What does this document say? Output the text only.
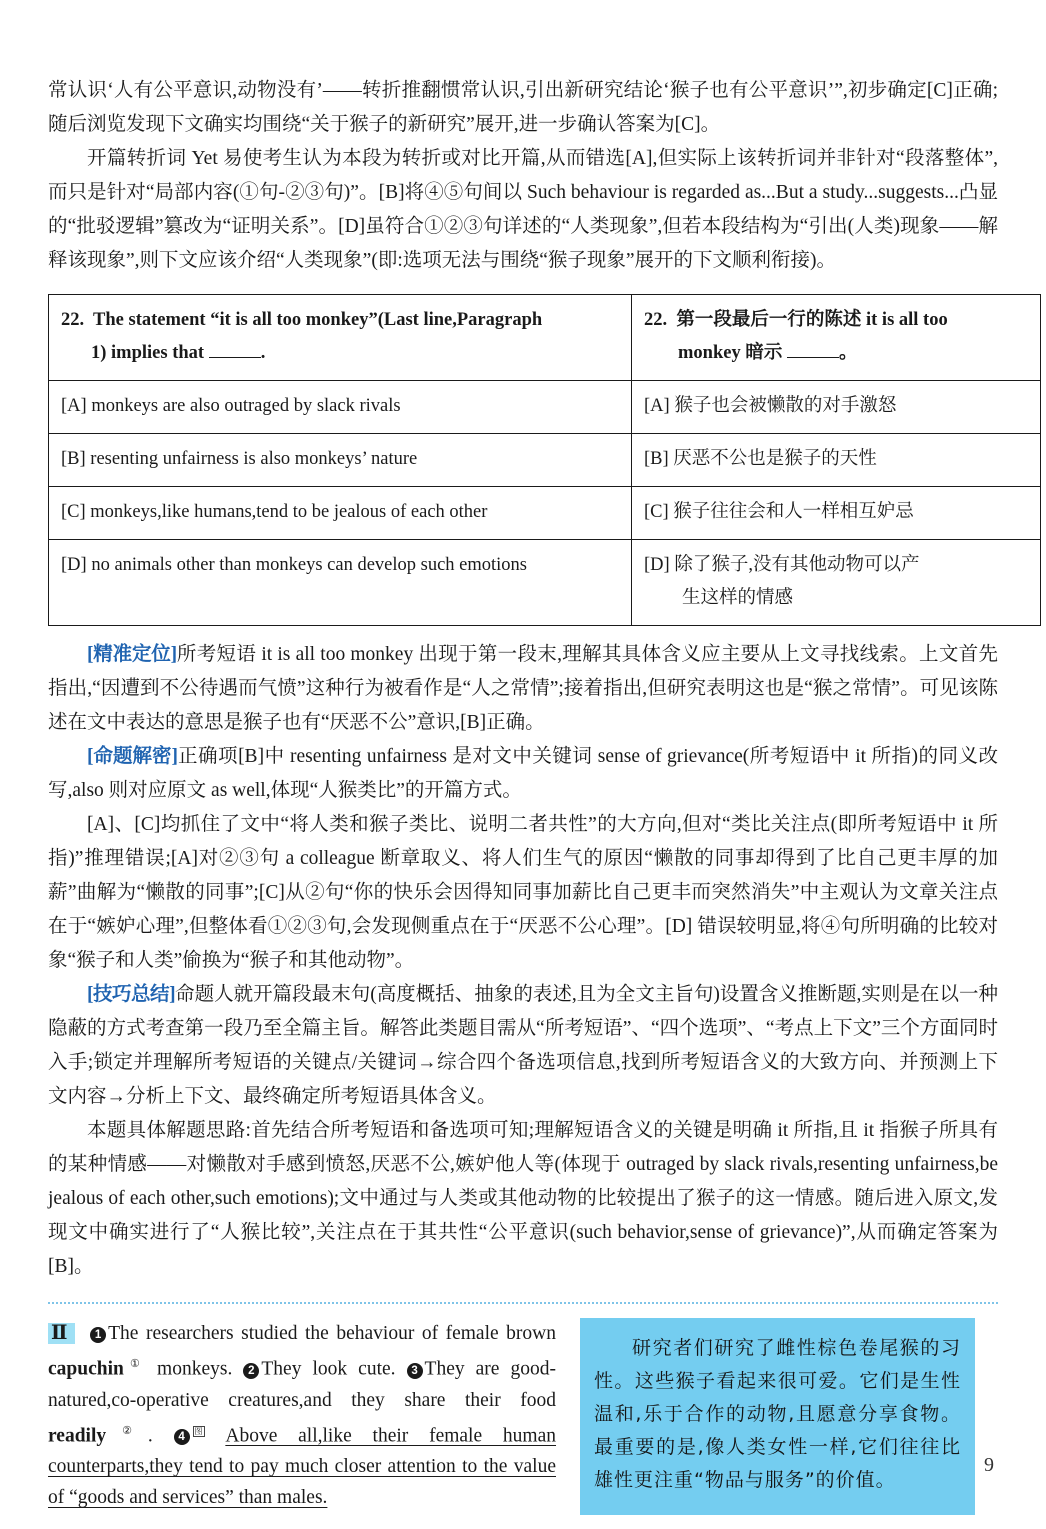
常认识‘人有公平意识,动物没有’——转折推翻惯常认识,引出新研究结论‘猴子也有公平意识’”,初步确定[C]正确;随后浏览发现下文确实均围绕“关于猴子的新研究”展开,进一步确认答案为[C]。

开篇转折词 Yet 易使考生认为本段为转折或对比开篇,从而错选[A],但实际上该转折词并非针对“段落整体”,而只是针对“局部内容(①句-②③句)”。[B]将④⑤句间以 Such behaviour is regarded as...But a study...suggests...凸显的“批驳逻辑”篡改为“证明关系”。[D]虽符合①②③句详述的“人类现象”,但若本段结构为“引出(人类)现象——解释该现象”,则下文应该介绍“人类现象”(即:选项无法与围绕“猴子现象”展开的下文顺利衔接)。

22. The statement “it is all too monkey”(Last line,Paragraph
1) implies that .	22. 第一段最后一行的陈述 it is all too
monkey 暗示 。

[A] monkeys are also outraged by slack rivals	[A] 猴子也会被懒散的对手激怒
[B] resenting unfairness is also monkeys’ nature	[B] 厌恶不公也是猴子的天性
[C] monkeys,like humans,tend to be jealous of each other	[C] 猴子往往会和人一样相互妒忌
[D] no animals other than monkeys can develop such emotions	[D] 除了猴子,没有其他动物可以产
生这样的情感

[精准定位]所考短语 it is all too monkey 出现于第一段末,理解其具体含义应主要从上文寻找线索。上文首先指出,“因遭到不公待遇而气愤”这种行为被看作是“人之常情”;接着指出,但研究表明这也是“猴之常情”。可见该陈述在文中表达的意思是猴子也有“厌恶不公”意识,[B]正确。

[命题解密]正确项[B]中 resenting unfairness 是对文中关键词 sense of grievance(所考短语中 it 所指)的同义改写,also 则对应原文 as well,体现“人猴类比”的开篇方式。

[A]、[C]均抓住了文中“将人类和猴子类比、说明二者共性”的大方向,但对“类比关注点(即所考短语中 it 所指)”推理错误;[A]对②③句 a colleague 断章取义、将人们生气的原因“懒散的同事却得到了比自己更丰厚的加薪”曲解为“懒散的同事”;[C]从②句“你的快乐会因得知同事加薪比自己更丰而突然消失”中主观认为文章关注点在于“嫉妒心理”,但整体看①②③句,会发现侧重点在于“厌恶不公心理”。[D] 错误较明显,将④句所明确的比较对象“猴子和人类”偷换为“猴子和其他动物”。

[技巧总结]命题人就开篇段最末句(高度概括、抽象的表述,且为全文主旨句)设置含义推断题,实则是在以一种隐蔽的方式考查第一段乃至全篇主旨。解答此类题目需从“所考短语”、“四个选项”、“考点上下文”三个方面同时入手;锁定并理解所考短语的关键点/关键词→综合四个备选项信息,找到所考短语含义的大致方向、并预测上下文内容→分析上下文、最终确定所考短语具体含义。

本题具体解题思路:首先结合所考短语和备选项可知;理解短语含义的关键是明确 it 所指,且 it 指猴子所具有的某种情感——对懒散对手感到愤怒,厌恶不公,嫉妒他人等(体现于 outraged by slack rivals,resenting unfairness,be jealous of each other,such emotions);文中通过与人类或其他动物的比较提出了猴子的这一情感。随后进入原文,发现文中确实进行了“人猴比较”,关注点在于其共性“公平意识(such behavior,sense of grievance)”,从而确定答案为[B]。

Ⅱ 1 The researchers studied the behaviour of female brown capuchin① monkeys. 2 They look cute. 3 They are good-natured,co-operative creatures,and they share their food readily②. 4 图 Above all,like their female human counterparts,they tend to pay much closer attention to the value of “goods and services” than males.
研究者们研究了雌性棕色卷尾猴的习性。这些猴子看起来很可爱。它们是生性温和,乐于合作的动物,且愿意分享食物。最重要的是,像人类女性一样,它们往往比雄性更注重“物品与服务”的价值。
9
